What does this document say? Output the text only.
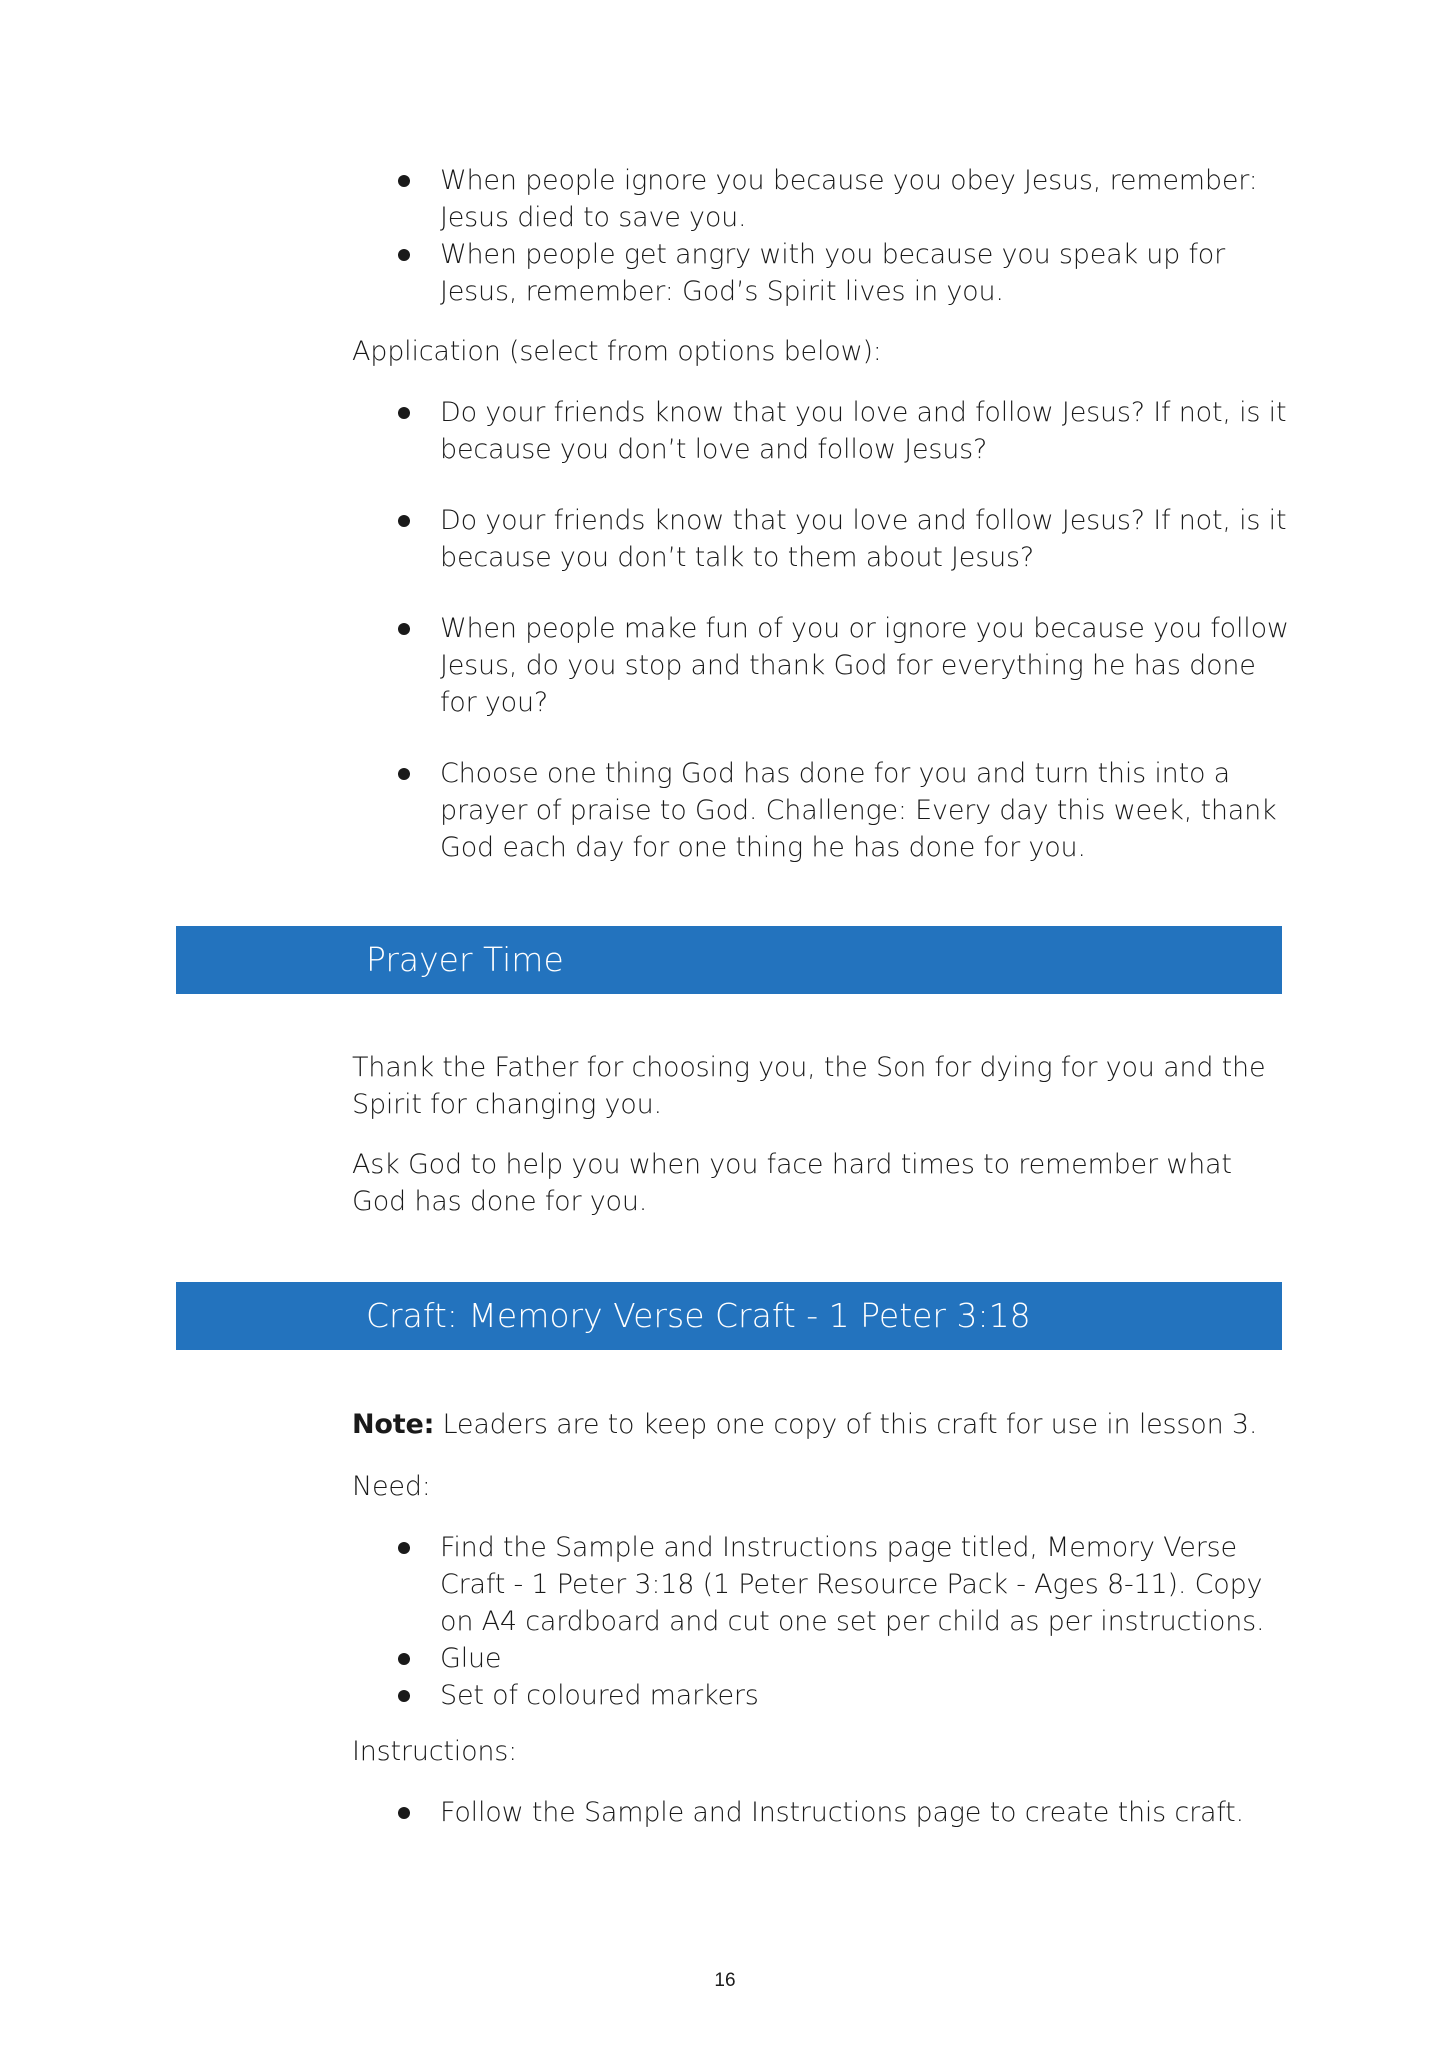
When people ignore you because you obey Jesus, remember: Jesus died to save you.
When people get angry with you because you speak up for Jesus, remember: God’s Spirit lives in you.

Application (select from options below):

Do your friends know that you love and follow Jesus? If not, is it because you don’t love and follow Jesus?
Do your friends know that you love and follow Jesus? If not, is it because you don’t talk to them about Jesus?
When people make fun of you or ignore you because you follow Jesus, do you stop and thank God for everything he has done for you?
Choose one thing God has done for you and turn this into a prayer of praise to God. Challenge: Every day this week, thank God each day for one thing he has done for you.
Prayer Time

Thank the Father for choosing you, the Son for dying for you and the Spirit for changing you.

Ask God to help you when you face hard times to remember what God has done for you.

Craft: Memory Verse Craft - 1 Peter 3:18

Note: Leaders are to keep one copy of this craft for use in lesson 3.

Need:

Find the Sample and Instructions page titled, Memory Verse Craft - 1 Peter 3:18 (1 Peter Resource Pack - Ages 8-11). Copy on A4 cardboard and cut one set per child as per instructions.
Glue
Set of coloured markers

Instructions:

Follow the Sample and Instructions page to create this craft.
16
